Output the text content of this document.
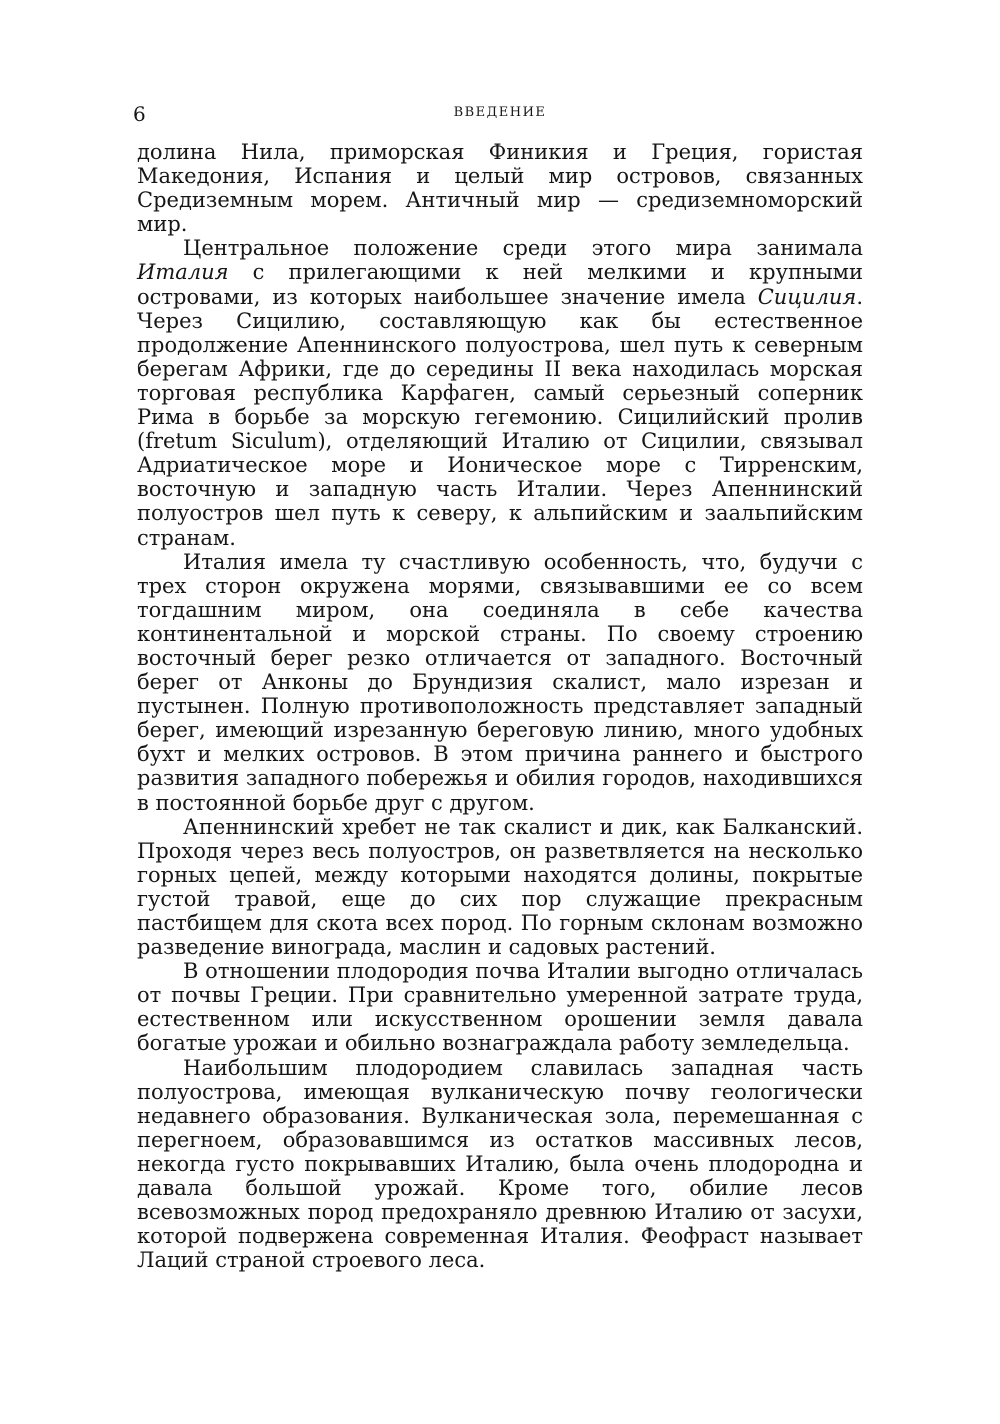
6	ВВЕДЕНИЕ

долина Нила, приморская Финикия и Греция, гористая Македония, Испания и целый мир островов, связанных Средиземным морем. Античный мир — средиземноморский мир.

Центральное положение среди этого мира занимала Италия с прилегающими к ней мелкими и крупными островами, из которых наибольшее значение имела Сицилия. Через Сицилию, составляющую как бы естественное продолжение Апеннинского полуострова, шел путь к северным берегам Африки, где до середины II века находилась морская торговая республика Карфаген, самый серьезный соперник Рима в борьбе за морскую гегемонию. Сицилийский пролив (fretum Siculum), отделяющий Италию от Сицилии, связывал Адриатическое море и Ионическое море с Тирренским, восточную и западную часть Италии. Через Апеннинский полуостров шел путь к северу, к альпийским и заальпийским странам.

Италия имела ту счастливую особенность, что, будучи с трех сторон окружена морями, связывавшими ее со всем тогдашним миром, она соединяла в себе качества континентальной и морской страны. По своему строению восточный берег резко отличается от западного. Восточный берег от Анконы до Брундизия скалист, мало изрезан и пустынен. Полную противоположность представляет западный берег, имеющий изрезанную береговую линию, много удобных бухт и мелких островов. В этом причина раннего и быстрого развития западного побережья и обилия городов, находившихся в постоянной борьбе друг с другом.

Апеннинский хребет не так скалист и дик, как Балканский. Проходя через весь полуостров, он разветвляется на несколько горных цепей, между которыми находятся долины, покрытые густой травой, еще до сих пор служащие прекрасным пастбищем для скота всех пород. По горным склонам возможно разведение винограда, маслин и садовых растений.

В отношении плодородия почва Италии выгодно отличалась от почвы Греции. При сравнительно умеренной затрате труда, естественном или искусственном орошении земля давала богатые урожаи и обильно вознаграждала работу земледельца.

Наибольшим плодородием славилась западная часть полуострова, имеющая вулканическую почву геологически недавнего образования. Вулканическая зола, перемешанная с перегноем, образовавшимся из остатков массивных лесов, некогда густо покрывавших Италию, была очень плодородна и давала большой урожай. Кроме того, обилие лесов всевозможных пород предохраняло древнюю Италию от засухи, которой подвержена современная Италия. Феофраст называет Лаций страной строевого леса.
